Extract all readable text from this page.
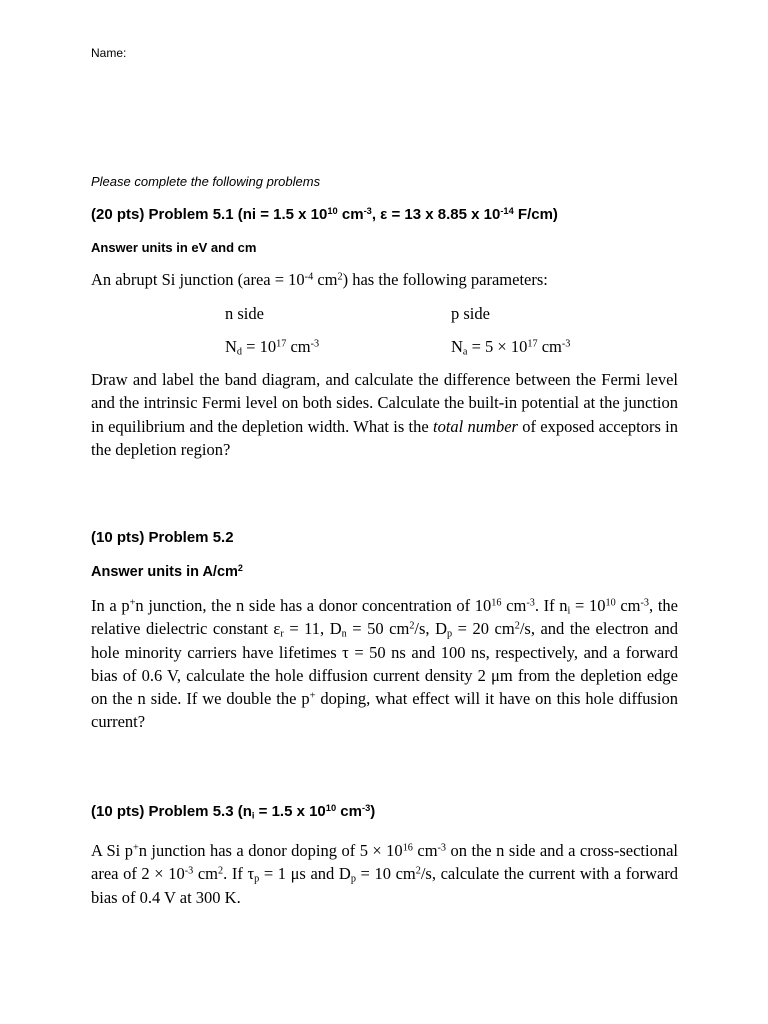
Name:
Please complete the following problems
(20 pts) Problem 5.1 (ni = 1.5 x $10^{10}$ $cm^{-3}$, ε = 13 x 8.85 x $10^{-14}$ F/cm)
Answer units in eV and cm
An abrupt Si junction (area = $10^{-4}$ $cm^2$) has the following parameters:
n side	p side
$N_d = 10^{17}$ $cm^{-3}$	$N_a = 5 \times 10^{17}$ $cm^{-3}$
Draw and label the band diagram, and calculate the difference between the Fermi level and the intrinsic Fermi level on both sides. Calculate the built-in potential at the junction in equilibrium and the depletion width. What is the total number of exposed acceptors in the depletion region?
(10 pts) Problem 5.2
Answer units in $A/cm^2$
In a p+n junction, the n side has a donor concentration of $10^{16}$ $cm^{-3}$. If $n_i = 10^{10}$ $cm^{-3}$, the relative dielectric constant $\varepsilon_r = 11$, $D_n = 50$ $cm^2/s$, $D_p = 20$ $cm^2/s$, and the electron and hole minority carriers have lifetimes τ = 50 ns and 100 ns, respectively, and a forward bias of 0.6 V, calculate the hole diffusion current density 2 μm from the depletion edge on the n side. If we double the p+ doping, what effect will it have on this hole diffusion current?
(10 pts) Problem 5.3 ($n_i = 1.5$ x $10^{10}$ $cm^{-3}$)
A Si p+n junction has a donor doping of $5 \times 10^{16}$ $cm^{-3}$ on the n side and a cross-sectional area of $2 \times 10^{-3}$ $cm^2$. If $\tau_p = 1$ μs and $D_p = 10$ $cm^2/s$, calculate the current with a forward bias of 0.4 V at 300 K.
